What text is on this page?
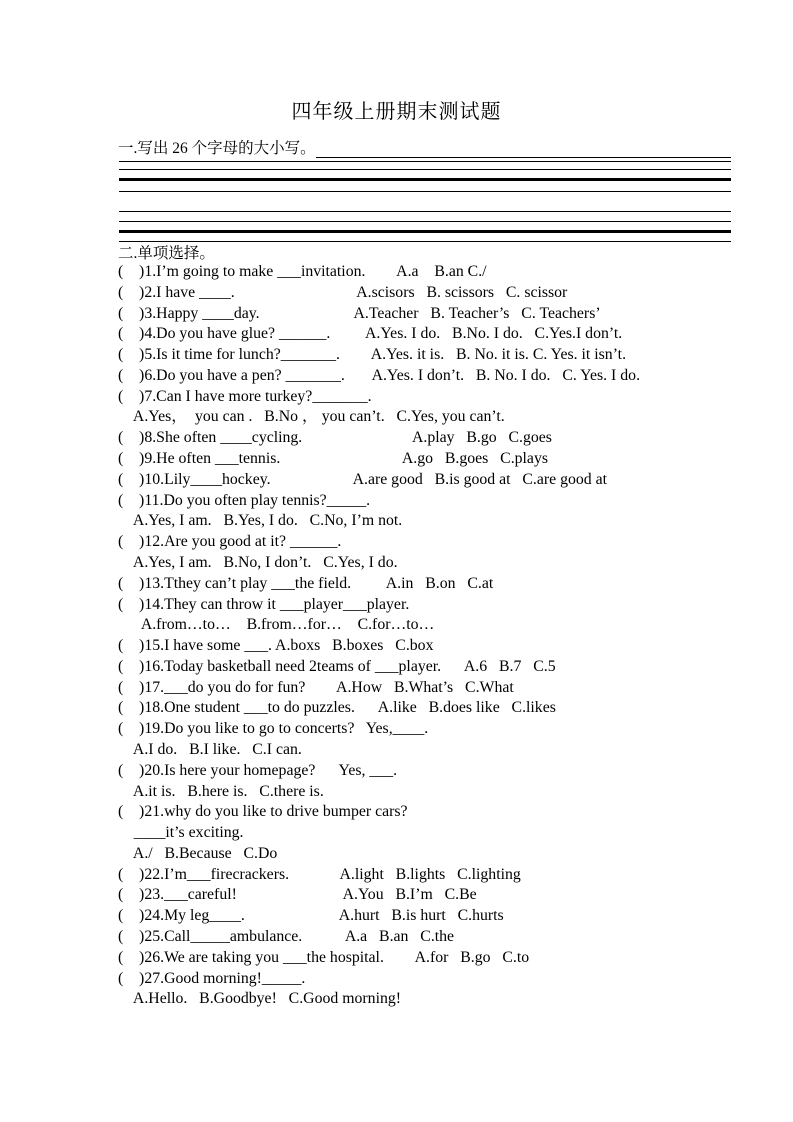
四年级上册期末测试题
一.写出 26 个字母的大小写。
二.单项选择。
(    )1.I’m going to make ___invitation.        A.a    B.an C./
(    )2.I have ____.                               A.scisors   B. scissors   C. scissor
(    )3.Happy ____day.                        A.Teacher   B. Teacher’s   C. Teachers’
(    )4.Do you have glue? ______.         A.Yes. I do.   B.No. I do.   C.Yes.I don’t.
(    )5.Is it time for lunch?_______.        A.Yes. it is.   B. No. it is. C. Yes. it isn’t.
(    )6.Do you have a pen? _______.       A.Yes. I don’t.   B. No. I do.   C. Yes. I do.
(    )7.Can I have more turkey?_______.
A.Yes，  you can .   B.No ， you can’t.   C.Yes, you can’t.
(    )8.She often ____cycling.                            A.play   B.go   C.goes
(    )9.He often ___tennis.                               A.go   B.goes   C.plays
(    )10.Lily____hockey.                     A.are good   B.is good at   C.are good at
(    )11.Do you often play tennis?_____.
A.Yes, I am.   B.Yes, I do.   C.No, I’m not.
(    )12.Are you good at it? ______.
A.Yes, I am.   B.No, I don’t.   C.Yes, I do.
(    )13.Tthey can’t play ___the field.         A.in   B.on   C.at
(    )14.They can throw it ___player___player.
A.from…to…    B.from…for…    C.for…to…
(    )15.I have some ___. A.boxs   B.boxes   C.box
(    )16.Today basketball need 2teams of ___player.      A.6   B.7   C.5
(    )17.___do you do for fun?        A.How   B.What’s   C.What
(    )18.One student ___to do puzzles.      A.like   B.does like   C.likes
(    )19.Do you like to go to concerts?   Yes,____.
A.I do.   B.I like.   C.I can.
(    )20.Is here your homepage?      Yes, ___.
A.it is.   B.here is.   C.there is.
(    )21.why do you like to drive bumper cars?
____it’s exciting.
A./   B.Because   C.Do
(    )22.I’m___firecrackers.             A.light   B.lights   C.lighting
(    )23.___careful!                           A.You   B.I’m   C.Be
(    )24.My leg____.                        A.hurt   B.is hurt   C.hurts
(    )25.Call_____ambulance.           A.a   B.an   C.the
(    )26.We are taking you ___the hospital.        A.for   B.go   C.to
(    )27.Good morning!_____.
A.Hello.   B.Goodbye!   C.Good morning!
